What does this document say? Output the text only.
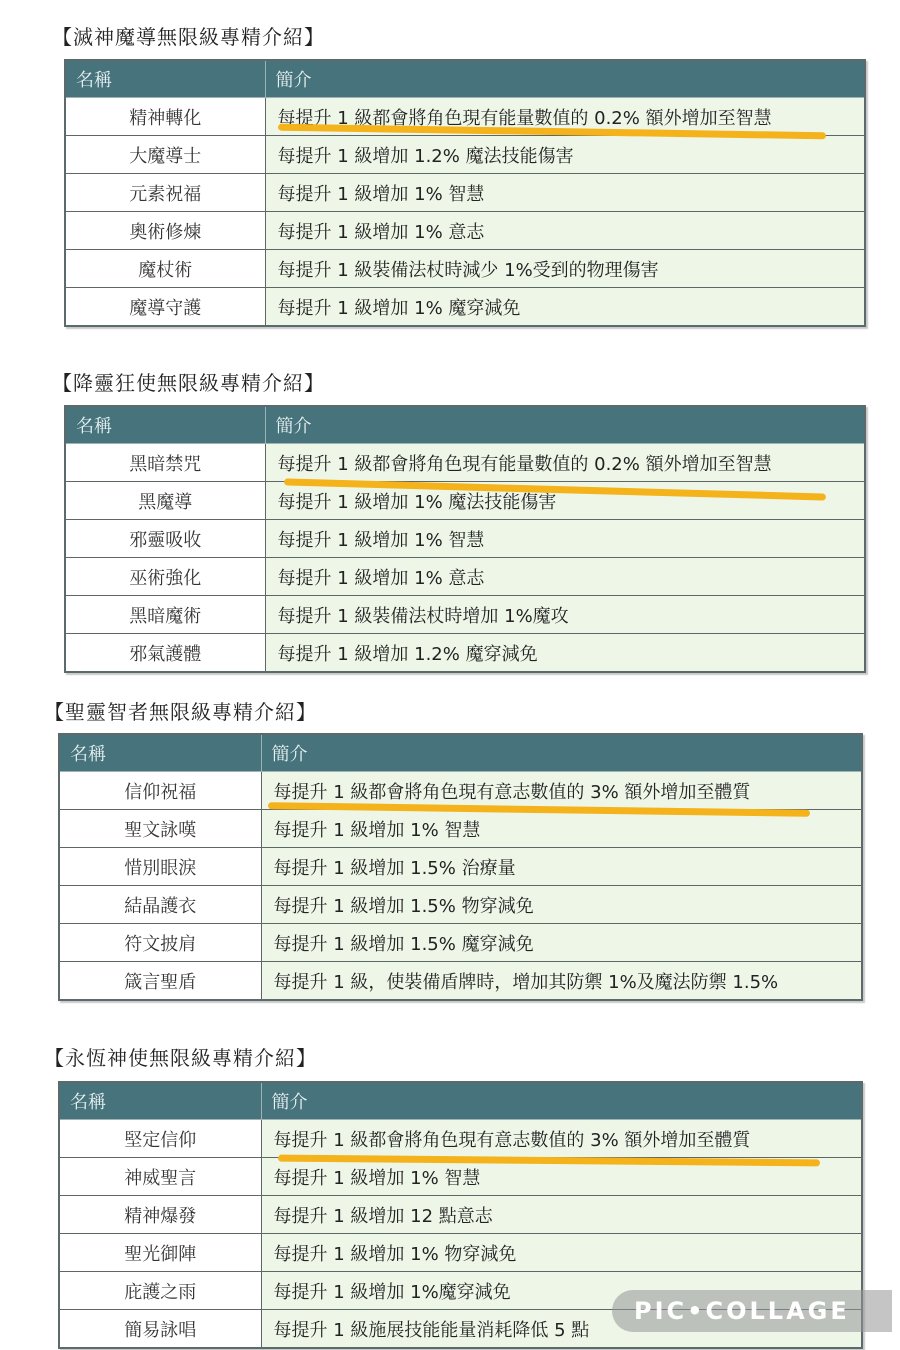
【滅神魔導無限級專精介紹】
名稱	簡介
精神轉化	每提升 1 級都會將角色現有能量數值的 0.2% 額外增加至智慧
大魔導士	每提升 1 級增加 1.2% 魔法技能傷害
元素祝福	每提升 1 級增加 1% 智慧
奧術修煉	每提升 1 級增加 1% 意志
魔杖術	每提升 1 級裝備法杖時減少 1%受到的物理傷害
魔導守護	每提升 1 級增加 1% 魔穿減免
【降靈狂使無限級專精介紹】
名稱	簡介
黑暗禁咒	每提升 1 級都會將角色現有能量數值的 0.2% 額外增加至智慧
黑魔導	每提升 1 級增加 1% 魔法技能傷害
邪靈吸收	每提升 1 級增加 1% 智慧
巫術強化	每提升 1 級增加 1% 意志
黑暗魔術	每提升 1 級裝備法杖時增加 1%魔攻
邪氣護體	每提升 1 級增加 1.2% 魔穿減免
【聖靈智者無限級專精介紹】
名稱	簡介
信仰祝福	每提升 1 級都會將角色現有意志數值的 3% 額外增加至體質
聖文詠嘆	每提升 1 級增加 1% 智慧
惜別眼淚	每提升 1 級增加 1.5% 治療量
結晶護衣	每提升 1 級增加 1.5% 物穿減免
符文披肩	每提升 1 級增加 1.5% 魔穿減免
箴言聖盾	每提升 1 級，使裝備盾牌時，增加其防禦 1%及魔法防禦 1.5%
【永恆神使無限級專精介紹】
名稱	簡介
堅定信仰	每提升 1 級都會將角色現有意志數值的 3% 額外增加至體質
神威聖言	每提升 1 級增加 1% 智慧
精神爆發	每提升 1 級增加 12 點意志
聖光御陣	每提升 1 級增加 1% 物穿減免
庇護之雨	每提升 1 級增加 1%魔穿減免
簡易詠唱	每提升 1 級施展技能能量消耗降低 5 點
PIC•COLLAGE
